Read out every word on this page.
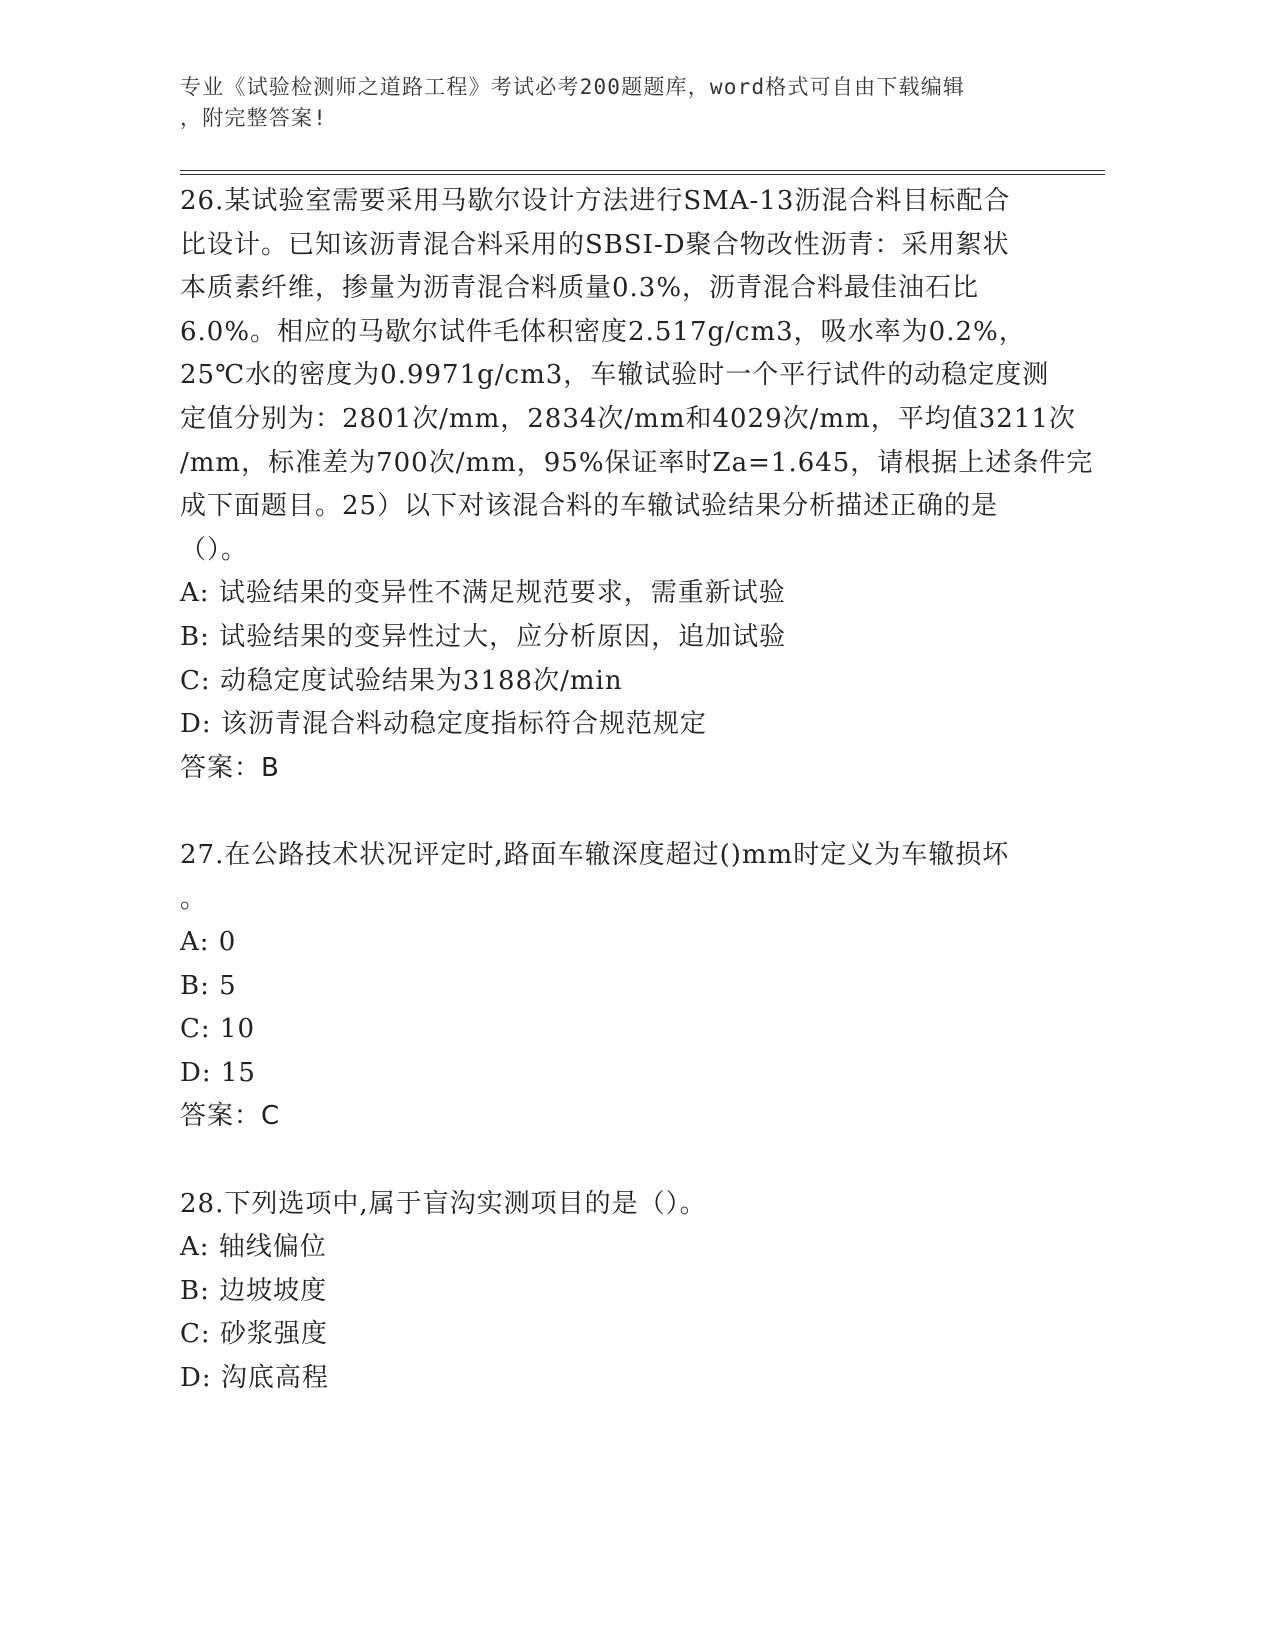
专业《试验检测师之道路工程》考试必考200题题库，word格式可自由下载编辑
，附完整答案!
26.某试验室需要采用马歇尔设计方法进行SMA-13沥混合料目标配合
比设计。已知该沥青混合料采用的SBSI-D聚合物改性沥青：采用絮状
本质素纤维，掺量为沥青混合料质量0.3%，沥青混合料最佳油石比
6.0%。相应的马歇尔试件毛体积密度2.517g/cm3，吸水率为0.2%，
25℃水的密度为0.9971g/cm3，车辙试验时一个平行试件的动稳定度测
定值分别为：2801次/mm，2834次/mm和4029次/mm，平均值3211次
/mm，标准差为700次/mm，95%保证率时Za=1.645，请根据上述条件完
成下面题目。25）以下对该混合料的车辙试验结果分析描述正确的是
（）。
A: 试验结果的变异性不满足规范要求，需重新试验
B: 试验结果的变异性过大，应分析原因，追加试验
C: 动稳定度试验结果为3188次/min
D: 该沥青混合料动稳定度指标符合规范规定
答案：B
27.在公路技术状况评定时,路面车辙深度超过()mm时定义为车辙损坏
。
A: 0
B: 5
C: 10
D: 15
答案：C
28.下列选项中,属于盲沟实测项目的是（）。
A: 轴线偏位
B: 边坡坡度
C: 砂浆强度
D: 沟底高程
